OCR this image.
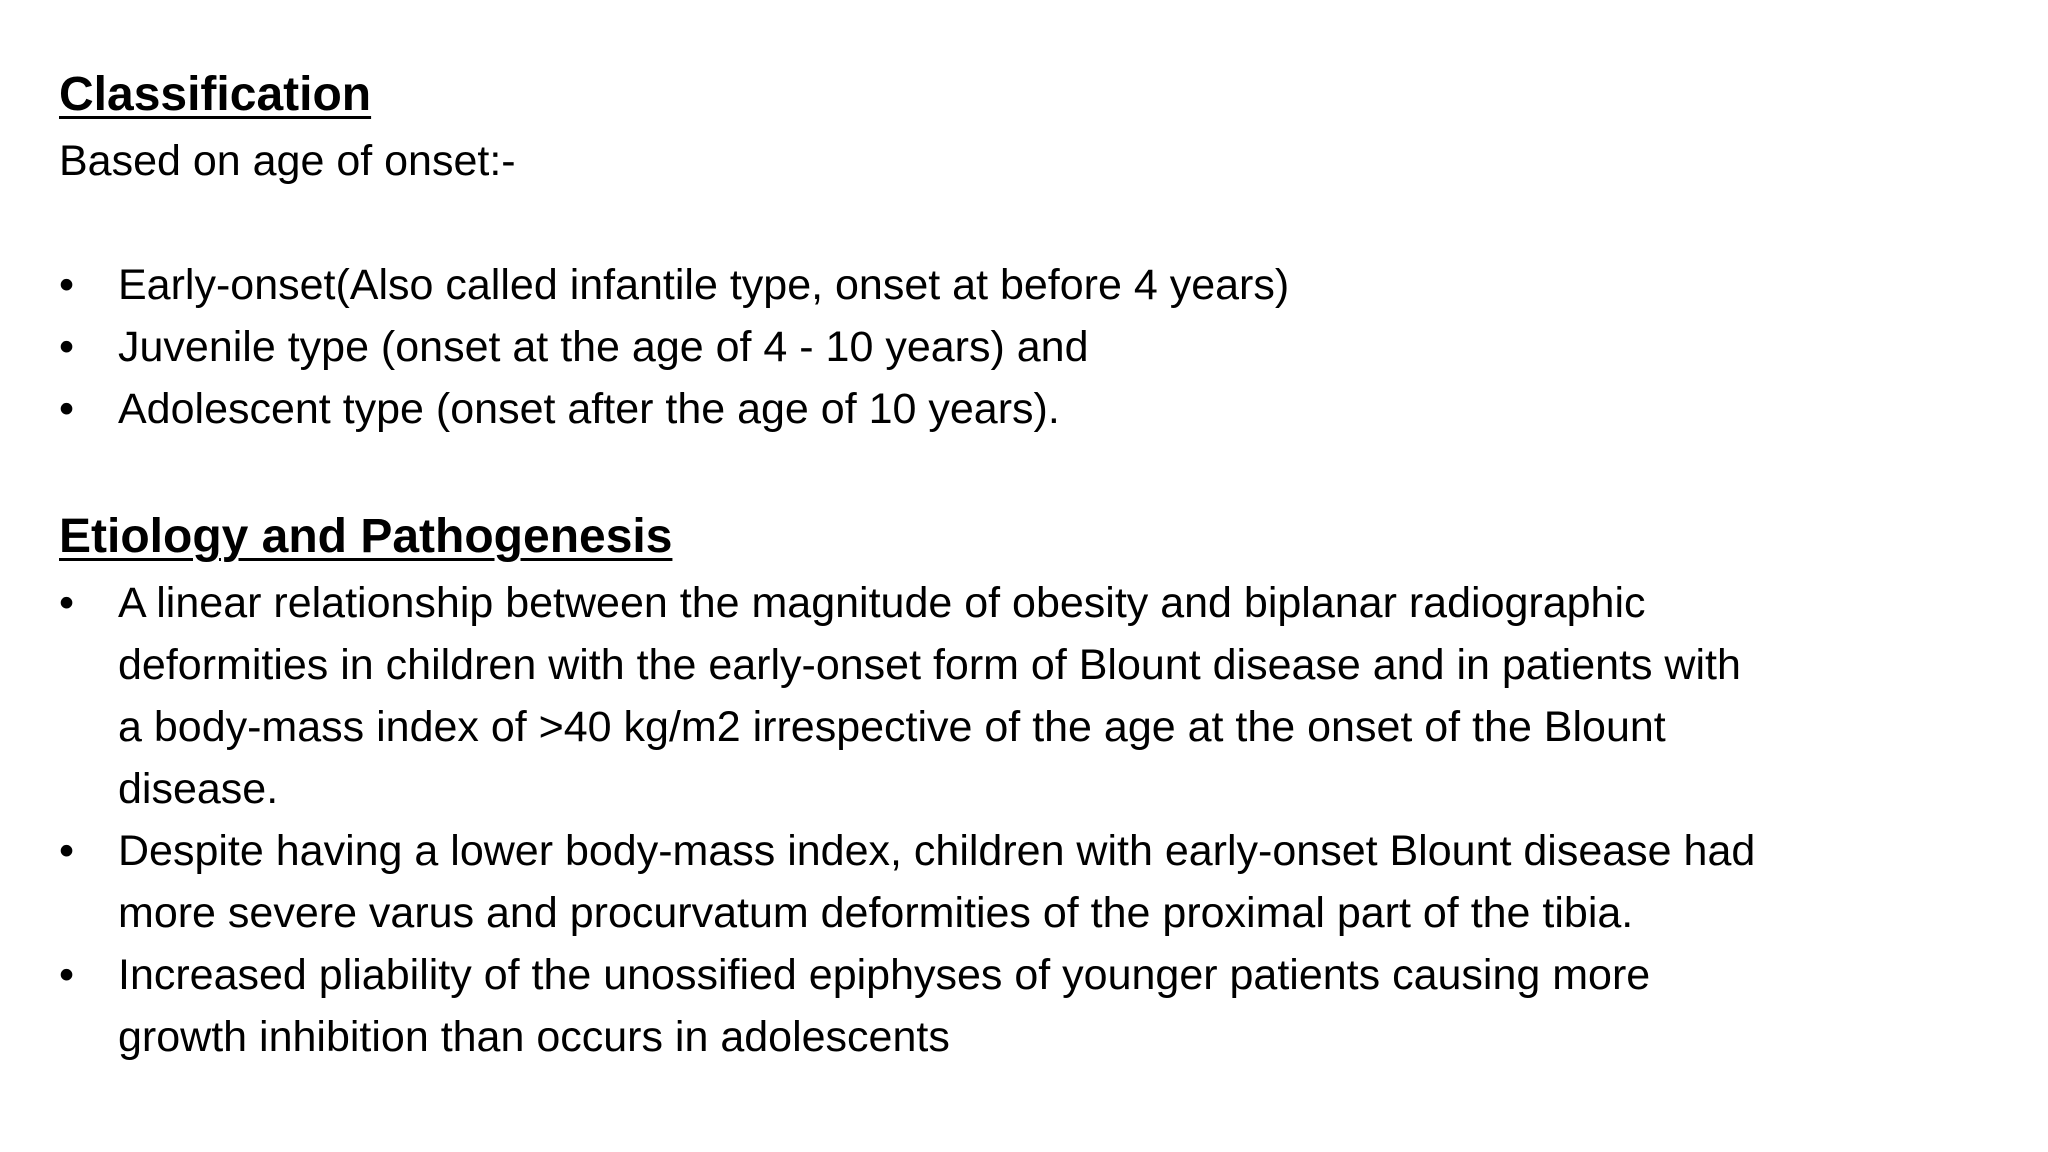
Classification

Based on age of onset:-

•	Early-onset(Also called infantile type, onset at before 4 years)
•	Juvenile type (onset at the age of 4 - 10 years) and
•	Adolescent type (onset after the age of 10 years).
Etiology and Pathogenesis
•	A linear relationship between the magnitude of obesity and biplanar radiographic
deformities in children with the early-onset form of Blount disease and in patients with
a body-mass index of >40 kg/m2 irrespective of the age at the onset of the Blount
disease.
•	Despite having a lower body-mass index, children with early-onset Blount disease had
more severe varus and procurvatum deformities of the proximal part of the tibia.
•	Increased pliability of the unossified epiphyses of younger patients causing more
growth inhibition than occurs in adolescents
